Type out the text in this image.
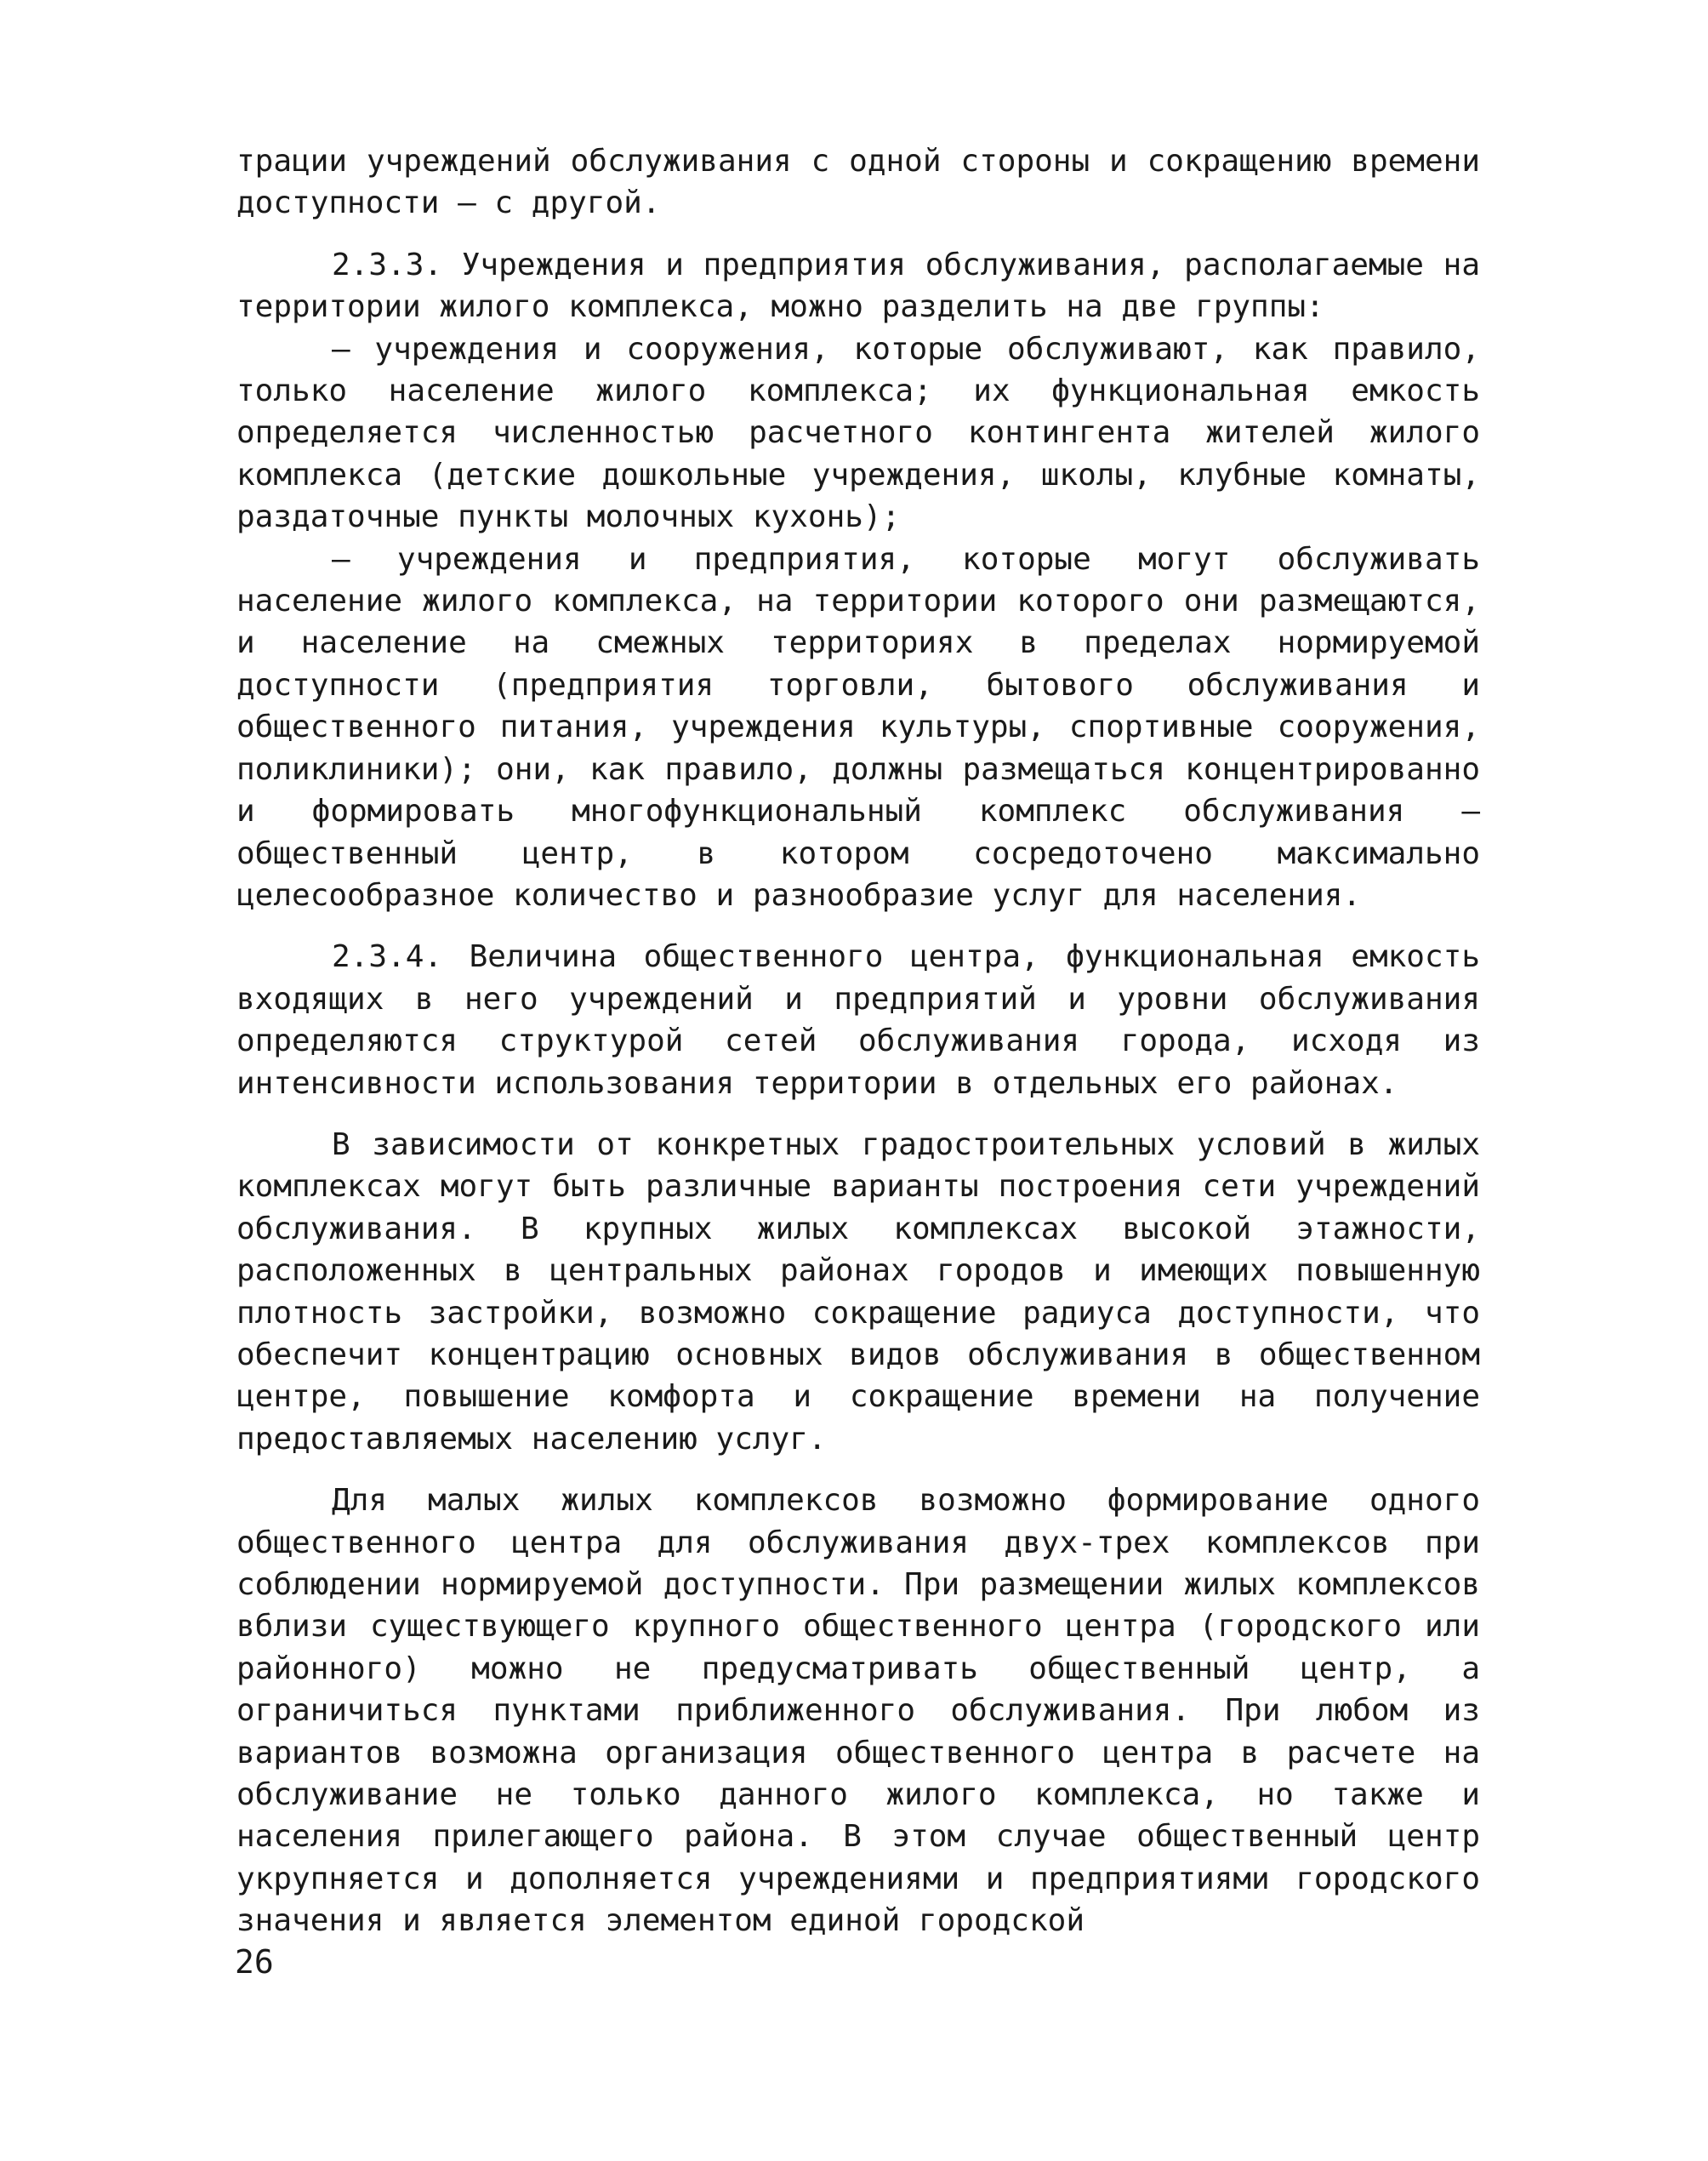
трации учреждений обслуживания с одной стороны и сокращению времени доступности – с другой.

2.3.3. Учреждения и предприятия обслуживания, располагаемые на территории жилого комплекса, можно разделить на две группы:

– учреждения и сооружения, которые обслуживают, как правило, только население жилого комплекса; их функциональная емкость определяется численностью расчетного контингента жителей жилого комплекса (детские дошкольные учреждения, школы, клубные комнаты, раздаточные пункты молочных кухонь);

– учреждения и предприятия, которые могут обслуживать население жилого комплекса, на территории которого они размещаются, и население на смежных территориях в пределах нормируемой доступности (предприятия торговли, бытового обслуживания и общественного питания, учреждения культуры, спортивные сооружения, поликлиники); они, как правило, должны размещаться концентрированно и формировать многофункциональный комплекс обслуживания – общественный центр, в котором сосредоточено максимально целесообразное количество и разнообразие услуг для населения.

2.3.4. Величина общественного центра, функциональная емкость входящих в него учреждений и предприятий и уровни обслуживания определяются структурой сетей обслуживания города, исходя из интенсивности использования территории в отдельных его районах.

В зависимости от конкретных градостроительных условий в жилых комплексах могут быть различные варианты построения сети учреждений обслуживания. В крупных жилых комплексах высокой этажности, расположенных в центральных районах городов и имеющих повышенную плотность застройки, возможно сокращение радиуса доступности, что обеспечит концентрацию основных видов обслуживания в общественном центре, повышение комфорта и сокращение времени на получение предоставляемых населению услуг.

Для малых жилых комплексов возможно формирование одного общественного центра для обслуживания двух-трех комплексов при соблюдении нормируемой доступности. При размещении жилых комплексов вблизи существующего крупного общественного центра (городского или районного) можно не предусматривать общественный центр, а ограничиться пунктами приближенного обслуживания. При любом из вариантов возможна организация общественного центра в расчете на обслуживание не только данного жилого комплекса, но также и населения прилегающего района. В этом случае общественный центр укрупняется и дополняется учреждениями и предприятиями городского значения и является элементом единой городской

26
